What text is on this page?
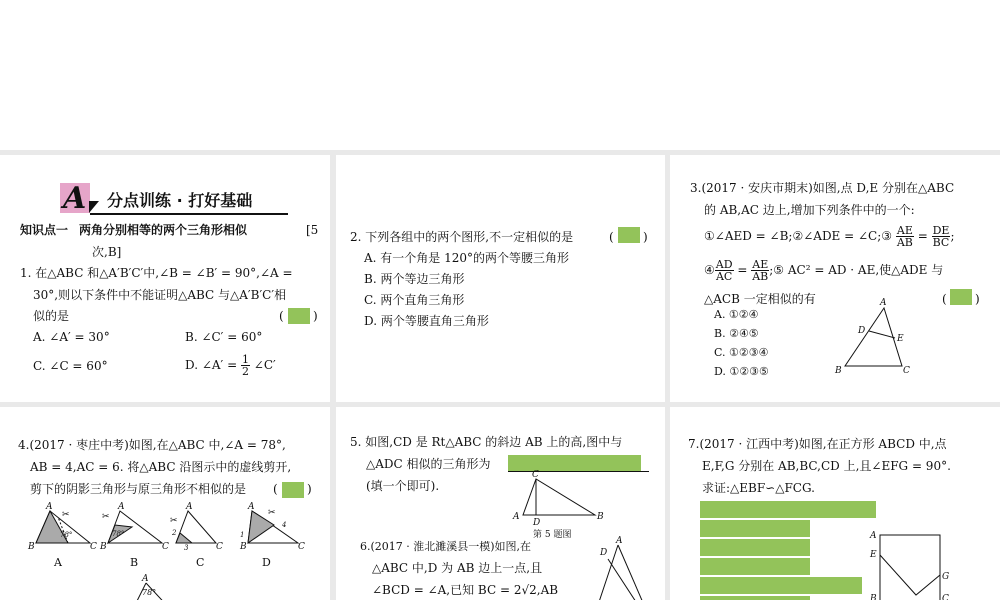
A 分点训练 · 打好基础
知识点一 两角分别相等的两个三角形相似	[5
次,B]
1. 在△ABC 和△A′B′C′中,∠B = ∠B′ = 90°,∠A =
30°,则以下条件中不能证明△ABC 与△A′B′C′相
似的是	( )
A. ∠A′ = 30°	B. ∠C′ = 60°
C. ∠C = 60°	D. ∠A′ = $\frac{1}{2}$ ∠C′
2. 下列各组中的两个图形,不一定相似的是	( )
A. 有一个角是 120°的两个等腰三角形
B. 两个等边三角形
C. 两个直角三角形
D. 两个等腰直角三角形
3.(2017 · 安庆市期末)如图,点 D,E 分别在△ABC
的 AB,AC 边上,增加下列条件中的一个:
①∠AED = ∠B;②∠ADE = ∠C;③ $\frac{AE}{AB} = \frac{DE}{BC}$ ;
④ $\frac{AD}{AC} = \frac{AE}{AB}$ ;⑤ AC² = AD · AE,使△ADE 与
△ACB 一定相似的有	( )
A. ①②④
B. ②④⑤
C. ①②③④
D. ①②③⑤
A
B	C
D
E
4.(2017 · 枣庄中考)如图,在△ABC 中,∠A = 78°,
AB = 4,AC = 6. 将△ABC 沿图示中的虚线剪开,
剪下的阴影三角形与原三角形不相似的是 ( )
A
B	C
✂
78°
A
B	C
✂
78°
A
C
✂
2
3
A
B	C
✂
4
1
A	B	C	D
A
78°
5. 如图,CD 是 Rt△ABC 的斜边 AB 上的高,图中与
△ADC 相似的三角形为
(填一个即可).
C
A
D
B
第 5 题图
6.(2017 · 淮北濉溪县一模)如图,在
△ABC 中,D 为 AB 边上一点,且
∠BCD = ∠A,已知 BC = 2√2,AB
A
D
7.(2017 · 江西中考)如图,在正方形 ABCD 中,点
E,F,G 分别在 AB,BC,CD 上,且∠EFG = 90°.
求证:△EBF∽△FCG.
A
E
G
B	C
